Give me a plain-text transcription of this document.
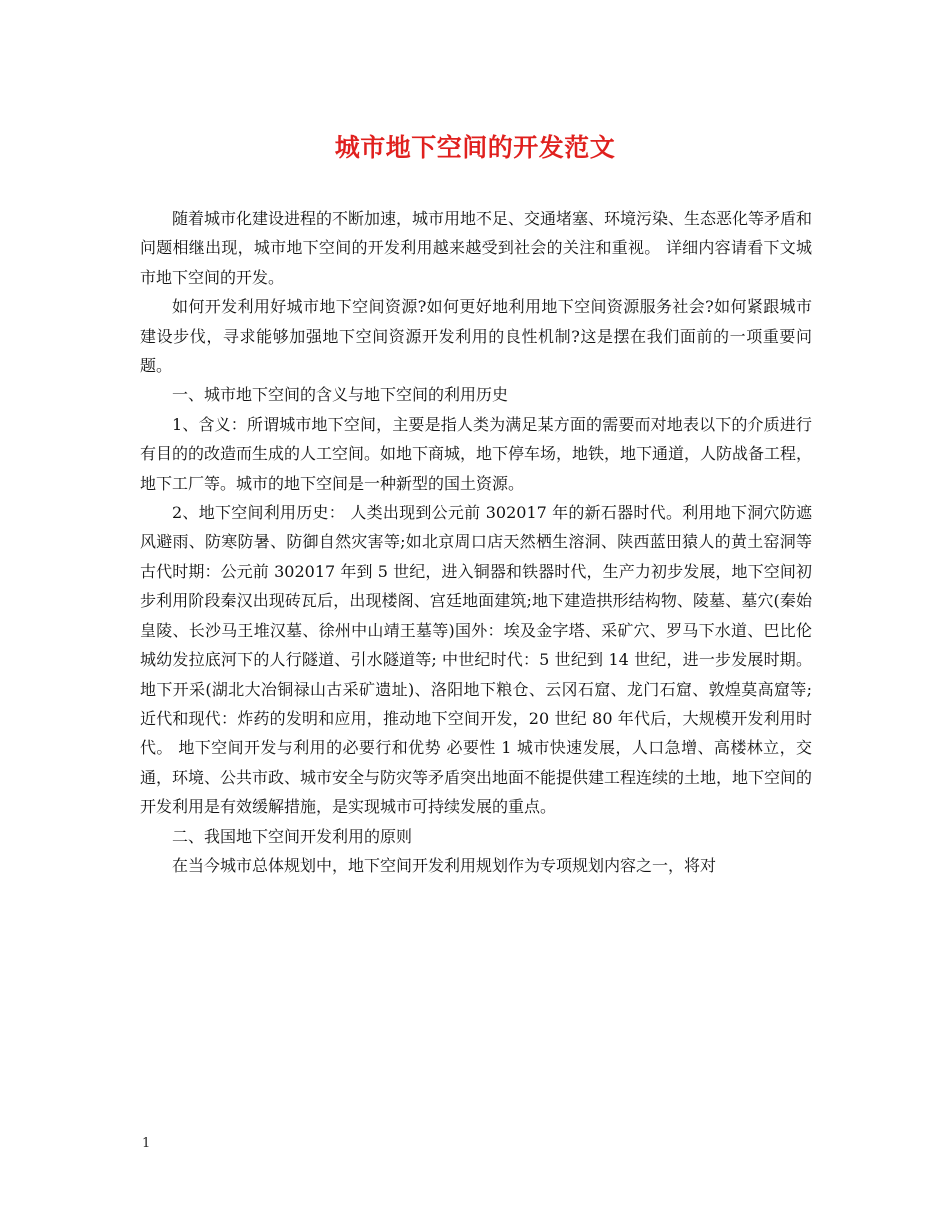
城市地下空间的开发范文

随着城市化建设进程的不断加速，城市用地不足、交通堵塞、环境污染、生态恶化等矛盾和问题相继出现，城市地下空间的开发利用越来越受到社会的关注和重视。 详细内容请看下文城市地下空间的开发。

如何开发利用好城市地下空间资源?如何更好地利用地下空间资源服务社会?如何紧跟城市建设步伐，寻求能够加强地下空间资源开发利用的良性机制?这是摆在我们面前的一项重要问题。

一、城市地下空间的含义与地下空间的利用历史

1、含义：所谓城市地下空间，主要是指人类为满足某方面的需要而对地表以下的介质进行有目的的改造而生成的人工空间。如地下商城，地下停车场，地铁，地下通道，人防战备工程，地下工厂等。城市的地下空间是一种新型的国土资源。

2、地下空间利用历史： 人类出现到公元前 302017 年的新石器时代。利用地下洞穴防遮风避雨、防寒防暑、防御自然灾害等;如北京周口店天然栖生溶洞、陕西蓝田猿人的黄土窑洞等 古代时期：公元前 302017 年到 5 世纪，进入铜器和铁器时代，生产力初步发展，地下空间初步利用阶段秦汉出现砖瓦后，出现楼阁、宫廷地面建筑;地下建造拱形结构物、陵墓、墓穴(秦始皇陵、长沙马王堆汉墓、徐州中山靖王墓等)国外：埃及金字塔、采矿穴、罗马下水道、巴比伦城幼发拉底河下的人行隧道、引水隧道等; 中世纪时代：5 世纪到 14 世纪，进一步发展时期。地下开采(湖北大冶铜禄山古采矿遗址)、洛阳地下粮仓、云冈石窟、龙门石窟、敦煌莫高窟等; 近代和现代：炸药的发明和应用，推动地下空间开发，20 世纪 80 年代后，大规模开发利用时代。 地下空间开发与利用的必要行和优势 必要性 1 城市快速发展，人口急增、高楼林立，交通，环境、公共市政、城市安全与防灾等矛盾突出地面不能提供建工程连续的土地，地下空间的开发利用是有效缓解措施，是实现城市可持续发展的重点。

二、我国地下空间开发利用的原则

在当今城市总体规划中，地下空间开发利用规划作为专项规划内容之一，将对

1
